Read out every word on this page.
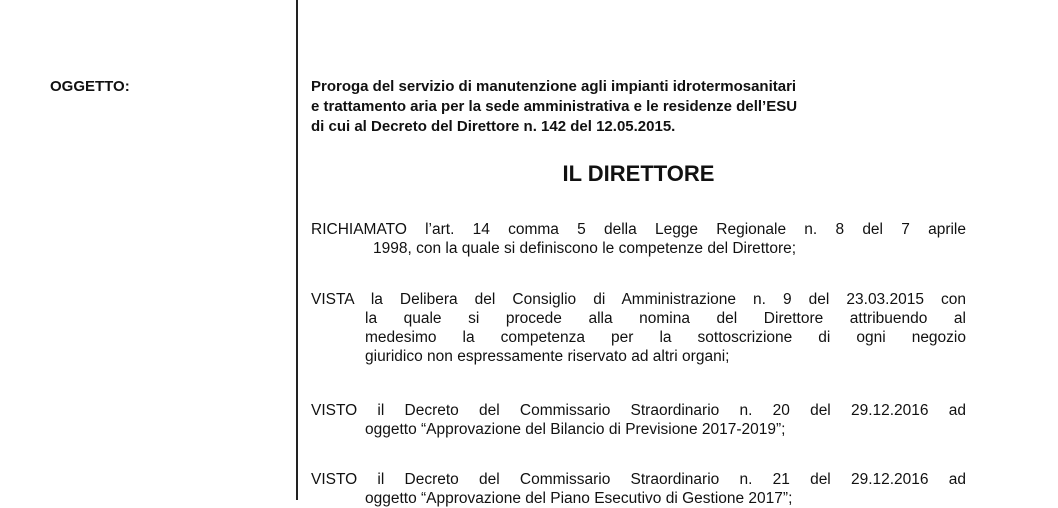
OGGETTO:	Proroga del servizio di manutenzione agli impianti idrotermosanitari
e trattamento aria per la sede amministrativa e le residenze dell’ESU
di cui al Decreto del Direttore n. 142 del 12.05.2015.
IL DIRETTORE
RICHIAMATO l’art. 14 comma 5 della Legge Regionale n. 8 del 7 aprile
1998, con la quale si definiscono le competenze del Direttore;
VISTA la Delibera del Consiglio di Amministrazione n. 9 del 23.03.2015 con
la quale si procede alla nomina del Direttore attribuendo al
medesimo la competenza per la sottoscrizione di ogni negozio
giuridico non espressamente riservato ad altri organi;
VISTO il Decreto del Commissario Straordinario n. 20 del 29.12.2016 ad
oggetto “Approvazione del Bilancio di Previsione 2017-2019”;
VISTO il Decreto del Commissario Straordinario n. 21 del 29.12.2016 ad
oggetto “Approvazione del Piano Esecutivo di Gestione 2017”;
